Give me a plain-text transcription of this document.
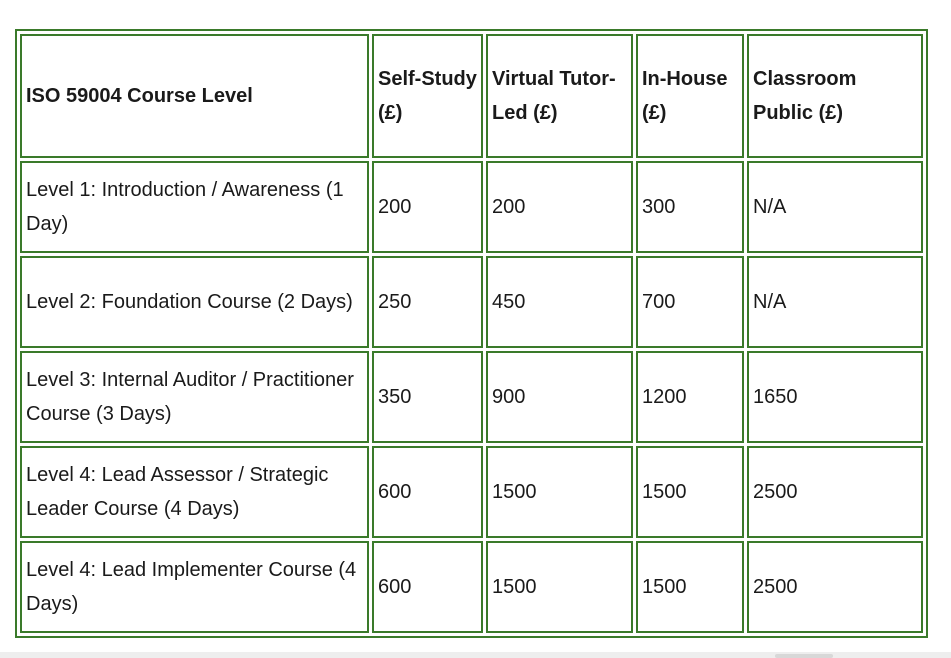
ISO 59004 Course Level	Self-Study (£)	Virtual Tutor-Led (£)	In-House (£)	Classroom Public (£)
Level 1: Introduction / Awareness (1 Day)	200	200	300	N/A
Level 2: Foundation Course (2 Days)	250	450	700	N/A
Level 3: Internal Auditor / Practitioner Course (3 Days)	350	900	1200	1650
Level 4: Lead Assessor / Strategic Leader Course (4 Days)	600	1500	1500	2500
Level 4: Lead Implementer Course (4 Days)	600	1500	1500	2500
